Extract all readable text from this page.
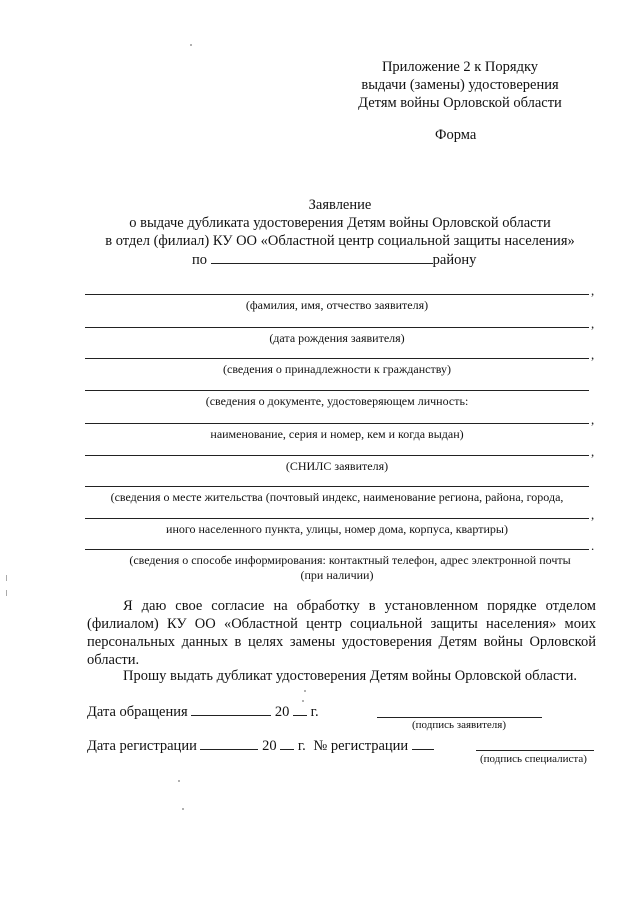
Приложение 2 к Порядку
выдачи (замены) удостоверения
Детям войны Орловской области
Форма
Заявление
о выдаче дубликата удостоверения Детям войны Орловской области
в отдел (филиал) КУ ОО «Областной центр социальной защиты населения»
по	району
,
(фамилия, имя, отчество заявителя)
,
(дата рождения заявителя)
,
(сведения о принадлежности к гражданству)
(сведения о документе, удостоверяющем личность:
,
наименование, серия и номер, кем и когда выдан)
,
(СНИЛС заявителя)
(сведения о месте жительства (почтовый индекс, наименование региона, района, города,
,
иного населенного пункта, улицы, номер дома, корпуса, квартиры)
.
(сведения о способе информирования: контактный телефон, адрес электронной почты
(при наличии)
Я даю свое согласие на обработку в установленном порядке отделом (филиалом) КУ ОО «Областной центр социальной защиты населения» моих персональных данных в целях замены удостоверения Детям войны Орловской области.
Прошу выдать дубликат удостоверения Детям войны Орловской области.
Дата обращения	20 г.
(подпись заявителя)
Дата регистрации	20 г. № регистрации
(подпись специалиста)
